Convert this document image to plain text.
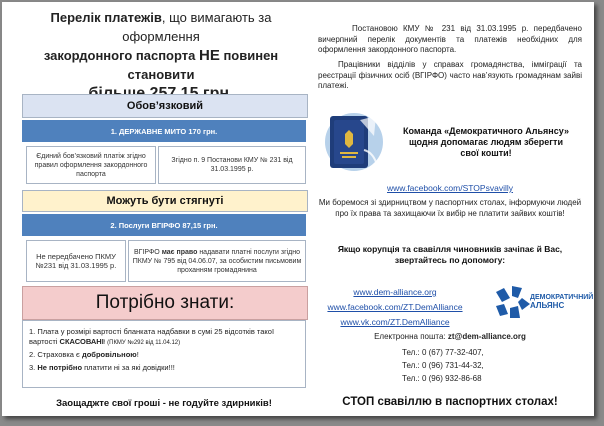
Перелік платежів, що вимагають за оформлення
закордонного паспорта НЕ повинен становити
Обов’язковий
1. ДЕРЖАВНЕ МИТО 170 грн.
Єдиний бов’язковий платіж згідно правил оформлення закордонного паспорта
Згідно п. 9 Постанови КМУ № 231 від 31.03.1995 р.
Можуть бути стягнуті
2. Послуги ВГІРФО 87,15 грн.
Не передбачено ПКМУ №231 від 31.03.1995 р.
ВГІРФО має право надавати платні послуги згідно ПКМУ № 795 від 04.06.07, за особистим письмовим проханням громадянина
Потрібно знати:
1. Плата у розмірі вартості бланката надбавки в сумі 25 відсотків такої вартості СКАСОВАНІ! (ПКМУ №292 від 11.04.12)
2. Страховка є добровільною!
3. Не потрібно платити ні за які довідки!!!
Заощаджте свої гроші - не годуйте здирників!
Постановою КМУ № 231 від 31.03.1995 р. передбачено вичерпний перелік документів та платежів необхідних для оформлення закордонного паспорта.
Працівники відділів у справах громадянства, імміграції та реєстрації фізичних осіб (ВГІРФО) часто нав’язують громадянам зайві платежі.
Команда «Демократичного Альянсу»
щодня допомагає людям зберегти
свої кошти!
www.facebook.com/STOPsvavilly
Ми боремося зі здирництвом у паспортних столах, інформуючи людей про їх права та захищаючи їх вибір не платити зайвих коштів!
Якщо корупція та свавілля чиновників зачіпає й Вас, звертайтесь по допомогу:
www.dem-alliance.org
www.facebook.com/ZT.DemAlliance
www.vk.com/ZT.DemAlliance
ДЕМОКРАТИЧНИЙ
АЛЬЯНС
Електронна пошта: zt@dem-alliance.org
Тел.: 0 (67) 77-32-407,
Тел.: 0 (96) 731-44-32,
Тел.: 0 (96) 932-86-68
СТОП свавіллю в паспортних столах!
